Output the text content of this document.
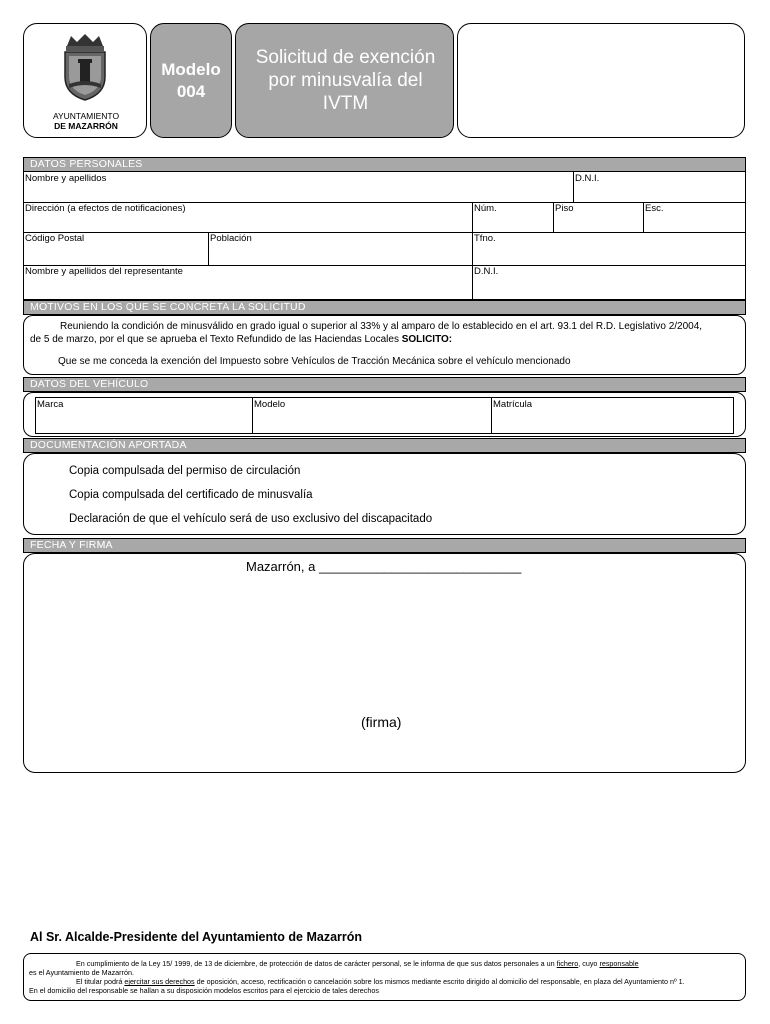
AYUNTAMIENTO
DE MAZARRÓN
Modelo
004
Solicitud de exención por minusvalía del IVTM
DATOS PERSONALES
Nombre y apellidos	D.N.I.
Dirección (a efectos de notificaciones)	Núm.	Piso	Esc.
Código Postal	Población	Tfno.
Nombre y apellidos del representante	D.N.I.
MOTIVOS EN LOS QUE SE CONCRETA LA SOLICITUD
Reuniendo la condición de minusválido en grado igual o superior al 33% y al amparo de lo establecido en el art. 93.1 del R.D. Legislativo 2/2004,
de 5 de marzo, por el que se aprueba el Texto Refundido de las Haciendas Locales SOLICITO:
Que se me conceda la exención del Impuesto sobre Vehículos de Tracción Mecánica sobre el vehículo mencionado
DATOS DEL VEHÍCULO
Marca	Modelo	Matrícula
DOCUMENTACIÓN APORTADA
Copia compulsada del permiso de circulación
Copia compulsada del certificado de minusvalía
Declaración de que el vehículo será de uso exclusivo del discapacitado
FECHA Y FIRMA
Mazarrón, a ____________________________
(firma)
Al Sr. Alcalde-Presidente del Ayuntamiento de Mazarrón
En cumplimiento de la Ley 15/ 1999, de 13 de diciembre, de protección de datos de carácter personal, se le informa de que sus datos personales a un fichero, cuyo responsable
es el Ayuntamiento de Mazarrón.
El titular podrá ejercitar sus derechos de oposición, acceso, rectificación o cancelación sobre los mismos mediante escrito dirigido al domicilio del responsable, en plaza del Ayuntamiento nº 1.
En el domicilio del responsable se hallan a su disposición modelos escritos para el ejercicio de tales derechos
